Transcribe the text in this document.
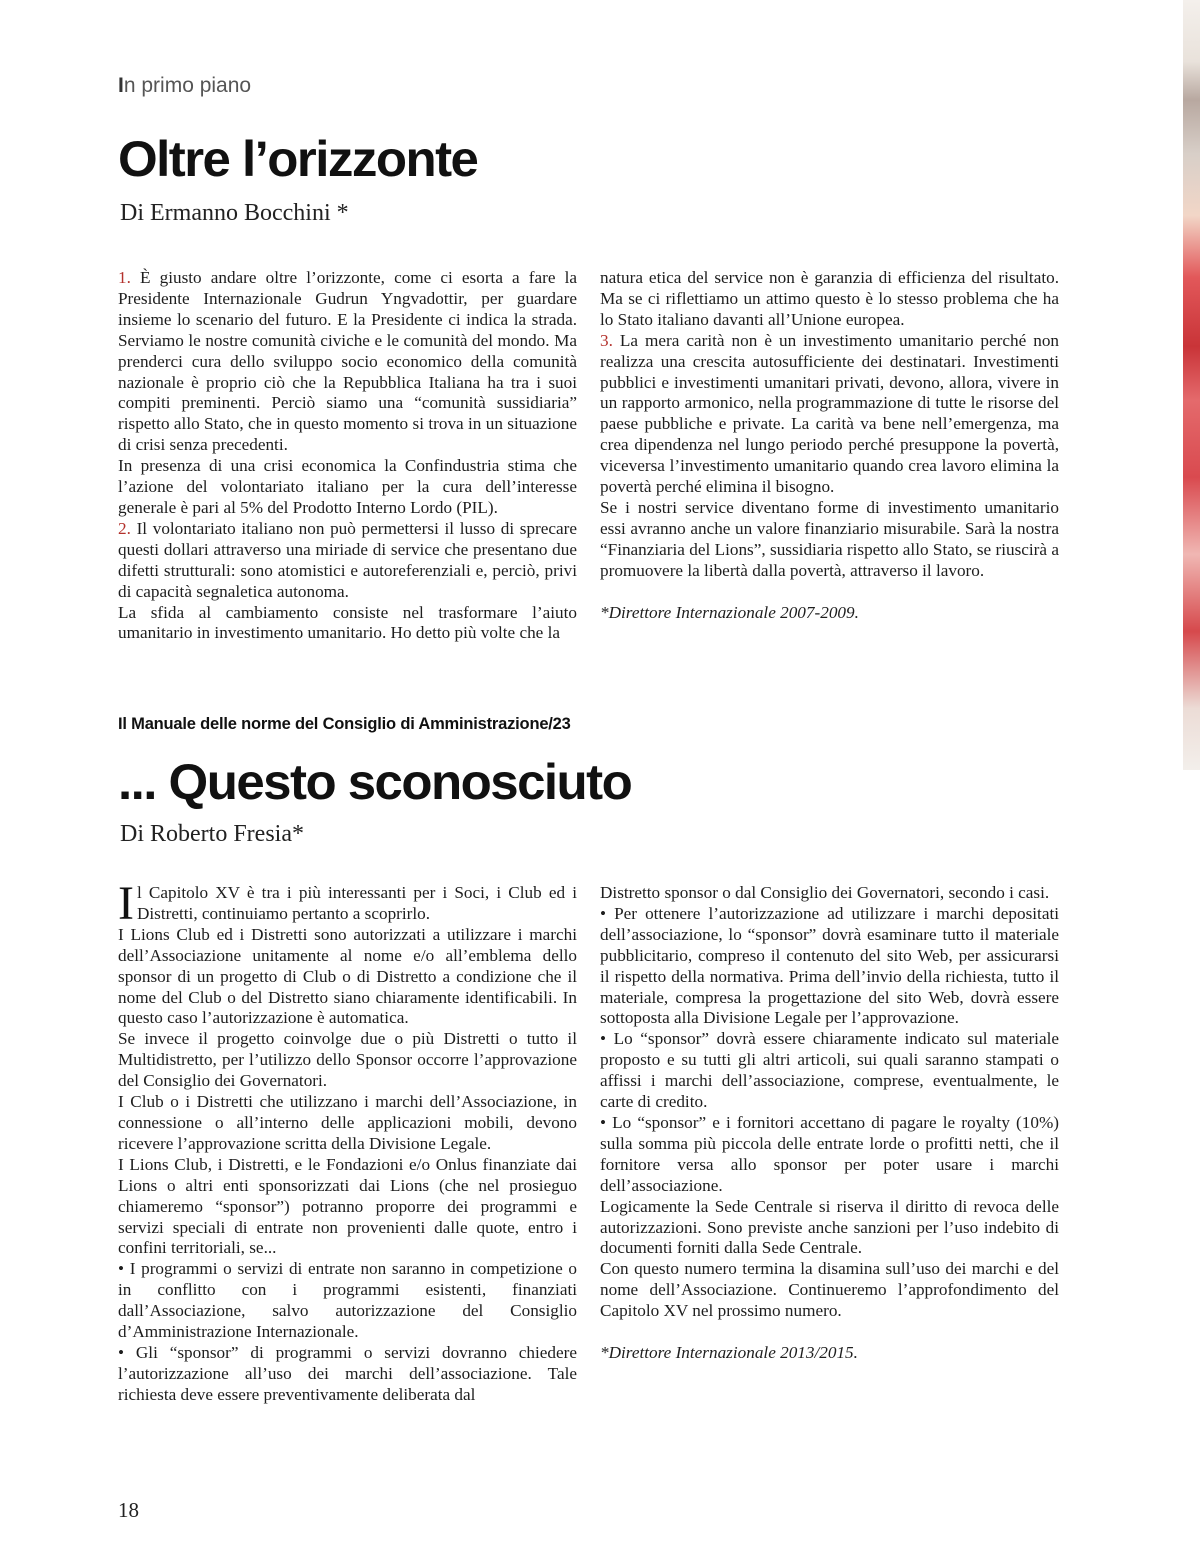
In primo piano
Oltre l’orizzonte

Di Ermanno Bocchini *

1. È giusto andare oltre l’orizzonte, come ci esorta a fare la Presidente Internazionale Gudrun Yngvadottir, per guardare insieme lo scenario del futuro. E la Presidente ci indica la strada. Serviamo le nostre comunità civiche e le comunità del mondo. Ma prenderci cura dello sviluppo socio economico della comunità nazionale è proprio ciò che la Repubblica Italiana ha tra i suoi compiti preminenti. Perciò siamo una “comunità sussidiaria” rispetto allo Stato, che in questo momento si trova in un situazione di crisi senza precedenti.

In presenza di una crisi economica la Confindustria stima che l’azione del volontariato italiano per la cura dell’interesse generale è pari al 5% del Prodotto Interno Lordo (PIL).

2. Il volontariato italiano non può permettersi il lusso di sprecare questi dollari attraverso una miriade di service che presentano due difetti strutturali: sono atomistici e autoreferenziali e, perciò, privi di capacità segnaletica autonoma.

La sfida al cambiamento consiste nel trasformare l’aiuto umanitario in investimento umanitario. Ho detto più volte che la

natura etica del service non è garanzia di efficienza del risultato. Ma se ci riflettiamo un attimo questo è lo stesso problema che ha lo Stato italiano davanti all’Unione europea.

3. La mera carità non è un investimento umanitario perché non realizza una crescita autosufficiente dei destinatari. Investimenti pubblici e investimenti umanitari privati, devono, allora, vivere in un rapporto armonico, nella programmazione di tutte le risorse del paese pubbliche e private. La carità va bene nell’emergenza, ma crea dipendenza nel lungo periodo perché presuppone la povertà, viceversa l’investimento umanitario quando crea lavoro elimina la povertà perché elimina il bisogno.

Se i nostri service diventano forme di investimento umanitario essi avranno anche un valore finanziario misurabile. Sarà la nostra “Finanziaria del Lions”, sussidiaria rispetto allo Stato, se riuscirà a promuovere la libertà dalla povertà, attraverso il lavoro.

*Direttore Internazionale 2007-2009.

Il Manuale delle norme del Consiglio di Amministrazione/23

... Questo sconosciuto

Di Roberto Fresia*

Il Capitolo XV è tra i più interessanti per i Soci, i Club ed i Distretti, continuiamo pertanto a scoprirlo.

I Lions Club ed i Distretti sono autorizzati a utilizzare i marchi dell’Associazione unitamente al nome e/o all’emblema dello sponsor di un progetto di Club o di Distretto a condizione che il nome del Club o del Distretto siano chiaramente identificabili. In questo caso l’autorizzazione è automatica.

Se invece il progetto coinvolge due o più Distretti o tutto il Multidistretto, per l’utilizzo dello Sponsor occorre l’approvazione del Consiglio dei Governatori.

I Club o i Distretti che utilizzano i marchi dell’Associazione, in connessione o all’interno delle applicazioni mobili, devono ricevere l’approvazione scritta della Divisione Legale.

I Lions Club, i Distretti, e le Fondazioni e/o Onlus finanziate dai Lions o altri enti sponsorizzati dai Lions (che nel prosieguo chiameremo “sponsor”) potranno proporre dei programmi e servizi speciali di entrate non provenienti dalle quote, entro i confini territoriali, se...

• I programmi o servizi di entrate non saranno in competizione o in conflitto con i programmi esistenti, finanziati dall’Associazione, salvo autorizzazione del Consiglio d’Amministrazione Internazionale.

• Gli “sponsor” di programmi o servizi dovranno chiedere l’autorizzazione all’uso dei marchi dell’associazione. Tale richiesta deve essere preventivamente deliberata dal

Distretto sponsor o dal Consiglio dei Governatori, secondo i casi.

• Per ottenere l’autorizzazione ad utilizzare i marchi depositati dell’associazione, lo “sponsor” dovrà esaminare tutto il materiale pubblicitario, compreso il contenuto del sito Web, per assicurarsi il rispetto della normativa. Prima dell’invio della richiesta, tutto il materiale, compresa la progettazione del sito Web, dovrà essere sottoposta alla Divisione Legale per l’approvazione.

• Lo “sponsor” dovrà essere chiaramente indicato sul materiale proposto e su tutti gli altri articoli, sui quali saranno stampati o affissi i marchi dell’associazione, comprese, eventualmente, le carte di credito.

• Lo “sponsor” e i fornitori accettano di pagare le royalty (10%) sulla somma più piccola delle entrate lorde o profitti netti, che il fornitore versa allo sponsor per poter usare i marchi dell’associazione.

Logicamente la Sede Centrale si riserva il diritto di revoca delle autorizzazioni. Sono previste anche sanzioni per l’uso indebito di documenti forniti dalla Sede Centrale.

Con questo numero termina la disamina sull’uso dei marchi e del nome dell’Associazione. Continueremo l’approfondimento del Capitolo XV nel prossimo numero.

*Direttore Internazionale 2013/2015.

18
